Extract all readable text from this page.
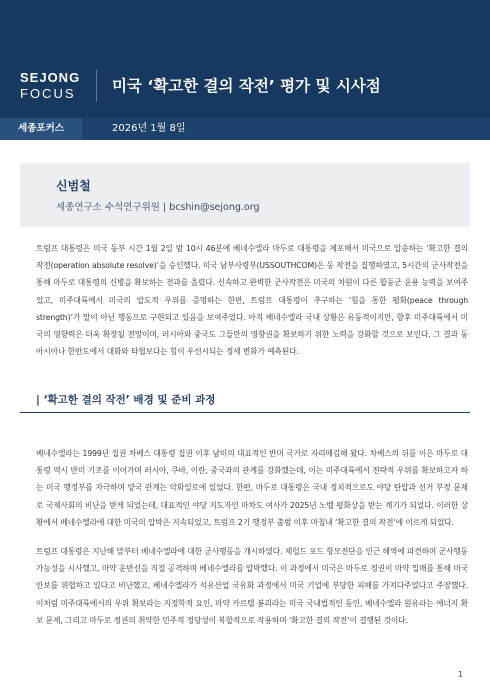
SEJONG
FOCUS	미국 ‘확고한 결의 작전’ 평가 및 시사점
세종포커스	2026년 1월 8일
신범철
세종연구소 수석연구위원 | bcshin@sejong.org

트럼프 대통령은 미국 동부 시간 1월 2일 밤 10시 46분에 베네수엘라 마두로 대통령을 체포해서 미국으로 압송하는 ‘확고한 결의 작전(operation absolute resolve)’을 승인했다. 미국 남부사령부(USSOUTHCOM)은 동 작전을 집행하였고, 5시간의 군사작전을 통해 마두로 대통령의 신병을 확보하는 전과를 올렸다. 신속하고 완벽한 군사작전은 미국의 차원이 다른 합동군 운용 능력을 보여주었고, 미주대륙에서 미국의 압도적 우위를 증명하는 한편, 트럼프 대통령이 추구하는 ‘힘을 통한 평화(peace through strength)’가 말이 아닌 행동으로 구현되고 있음을 보여주었다. 아직 베네수엘라 국내 상황은 유동적이지만, 향후 미주대륙에서 미국의 영향력은 더욱 확장될 전망이며, 러시아와 중국도 그들만의 영향권을 확보하기 위한 노력을 강화할 것으로 보인다. 그 결과 동아시아나 한반도에서 대화와 타협보다는 힘이 우선시되는 정세 변화가 예측된다.

| ‘확고한 결의 작전’ 배경 및 준비 과정

베네수엘라는 1999년 집권 차베스 대통령 집권 이후 남미의 대표적인 반미 국가로 자리매김해 왔다. 차베스의 뒤를 이은 마두로 대통령 역시 반미 기조를 이어가며 러시아, 쿠바, 이란, 중국과의 관계를 강화했는데, 이는 미주대륙에서 전략적 우위를 확보하고자 하는 미국 행정부를 자극하며 양국 관계는 악화일로에 있었다. 한편, 마두로 대통령은 국내 정치적으로도 야당 탄압과 선거 부정 문제로 국제사회의 비난을 받게 되었는데, 대표적인 야당 지도자인 마차도 여사가 2025년 노벨 평화상을 받는 계기가 되었다. 이러한 상황에서 베네수엘라에 대한 미국의 압박은 지속되었고, 트럼프 2기 행정부 출범 이후 마침내 ‘확고한 결의 작전’에 이르게 되었다.

트럼프 대통령은 지난해 말부터 베네수엘라에 대한 군사행동을 개시하였다. 제럴드 포드 항모전단을 인근 해역에 파견하며 군사행동 가능성을 시사했고, 마약 운반선을 직접 공격하며 베네수엘라를 압박했다. 이 과정에서 미국은 마두로 정권이 마약 밀매를 통해 미국 안보를 위협하고 있다고 비난했고, 베네수엘라가 석유산업 국유화 과정에서 미국 기업에 부당한 피해를 가져다주었다고 주장했다. 이처럼 미주대륙에서의 우위 확보라는 지정학적 요인, 마약 카르텔 봉괴라는 미국 국내법적인 동인, 베네수엘라 원유라는 에너지 확보 문제, 그리고 마두로 정권의 취약한 민주적 정당성이 복합적으로 작용하며 ‘확고한 결의 작전’이 결행된 것이다.

1
